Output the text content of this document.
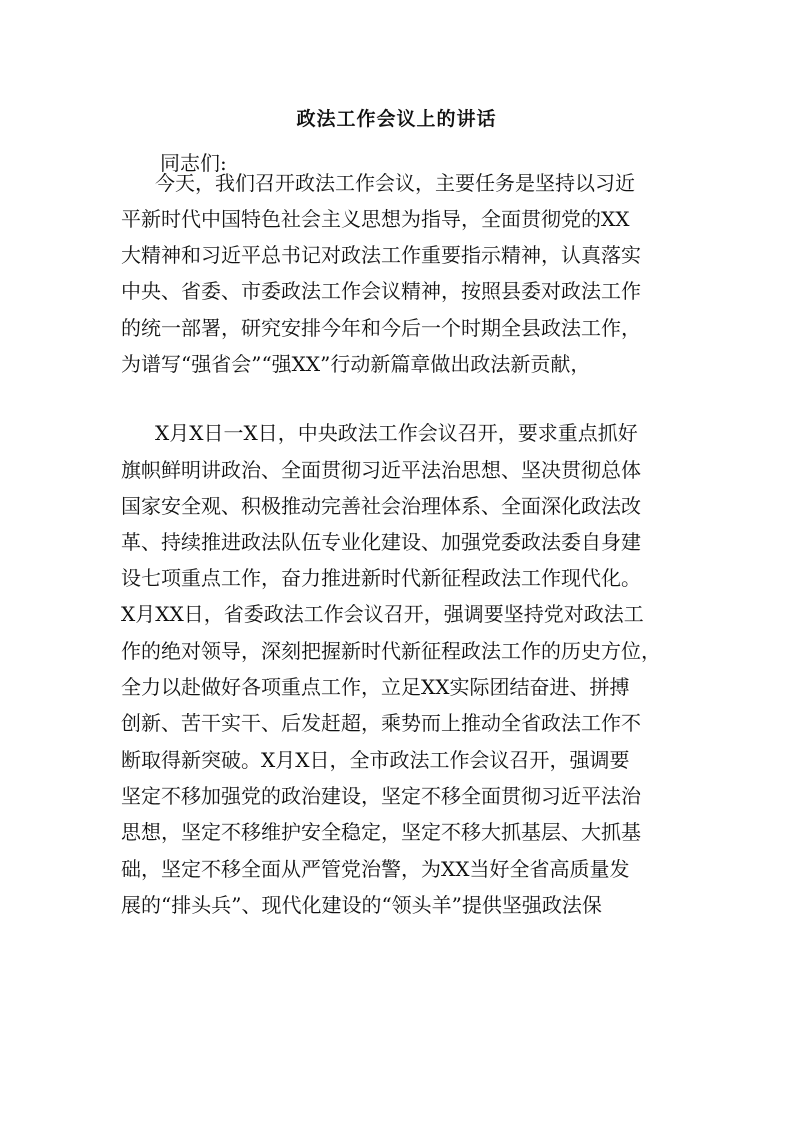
政法工作会议上的讲话
同志们:
今天，我们召开政法工作会议，主要任务是坚持以习近
平新时代中国特色社会主义思想为指导，全面贯彻党的XX
大精神和习近平总书记对政法工作重要指示精神，认真落实
中央、省委、市委政法工作会议精神，按照县委对政法工作
的统一部署，研究安排今年和今后一个时期全县政法工作，
为谱写“强省会”“强XX”行动新篇章做出政法新贡献，
X月X日一X日，中央政法工作会议召开，要求重点抓好
旗帜鲜明讲政治、全面贯彻习近平法治思想、坚决贯彻总体
国家安全观、积极推动完善社会治理体系、全面深化政法改
革、持续推进政法队伍专业化建设、加强党委政法委自身建
设七项重点工作，奋力推进新时代新征程政法工作现代化。
X月XX日，省委政法工作会议召开，强调要坚持党对政法工
作的绝对领导，深刻把握新时代新征程政法工作的历史方位，
全力以赴做好各项重点工作，立足XX实际团结奋进、拼搏
创新、苦干实干、后发赶超，乘势而上推动全省政法工作不
断取得新突破。X月X日，全市政法工作会议召开，强调要
坚定不移加强党的政治建设，坚定不移全面贯彻习近平法治
思想，坚定不移维护安全稳定，坚定不移大抓基层、大抓基
础，坚定不移全面从严管党治警，为XX当好全省高质量发
展的“排头兵”、现代化建设的“领头羊”提供坚强政法保
